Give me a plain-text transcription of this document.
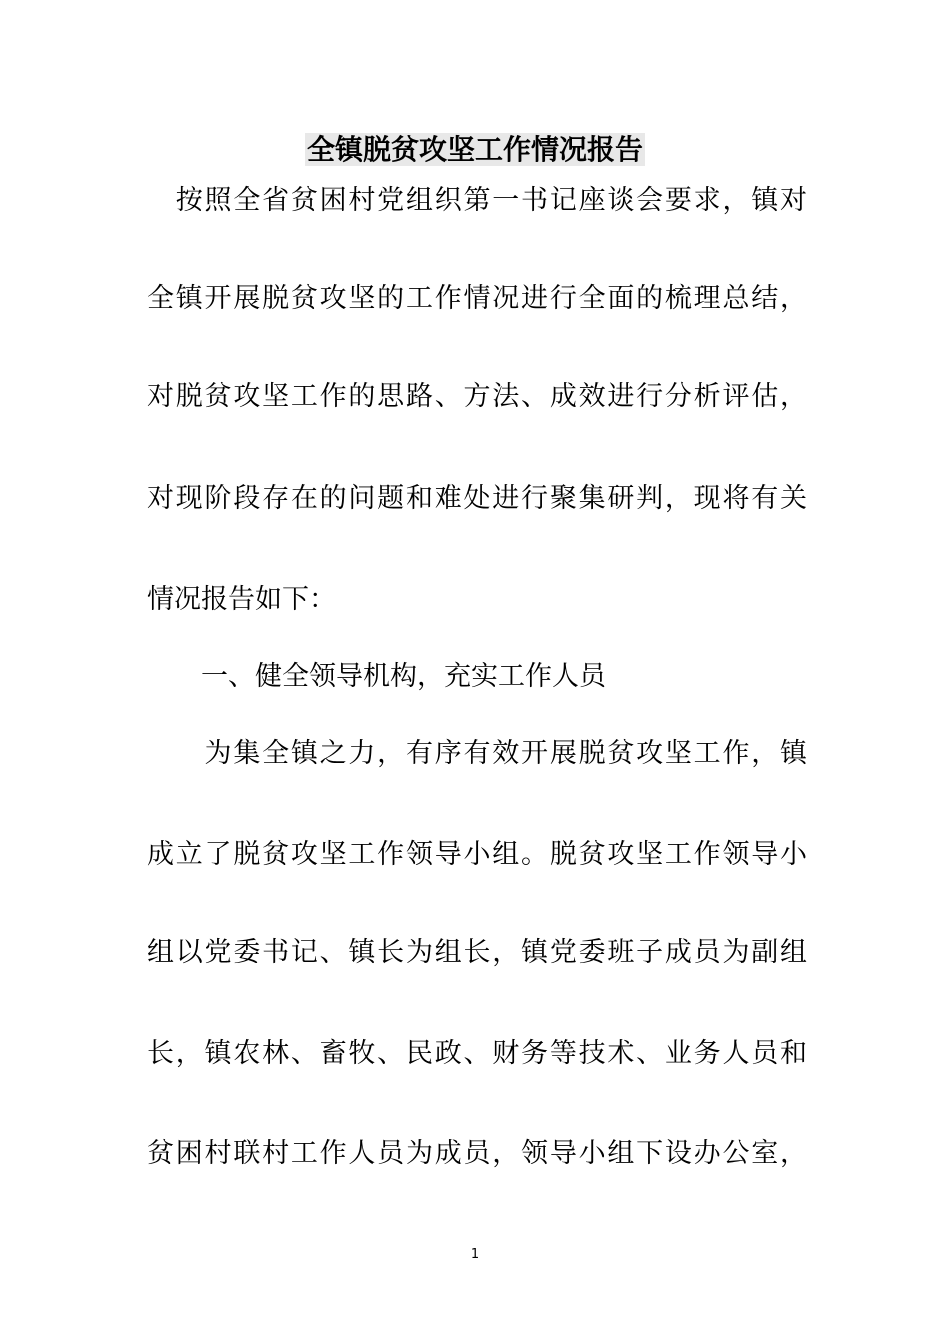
全镇脱贫攻坚工作情况报告
　按照全省贫困村党组织第一书记座谈会要求，镇对
全镇开展脱贫攻坚的工作情况进行全面的梳理总结，
对脱贫攻坚工作的思路、方法、成效进行分析评估，
对现阶段存在的问题和难处进行聚集研判，现将有关
情况报告如下：
　　一、健全领导机构，充实工作人员
　　为集全镇之力，有序有效开展脱贫攻坚工作，镇
成立了脱贫攻坚工作领导小组。脱贫攻坚工作领导小
组以党委书记、镇长为组长，镇党委班子成员为副组
长，镇农林、畜牧、民政、财务等技术、业务人员和
贫困村联村工作人员为成员，领导小组下设办公室，
1
